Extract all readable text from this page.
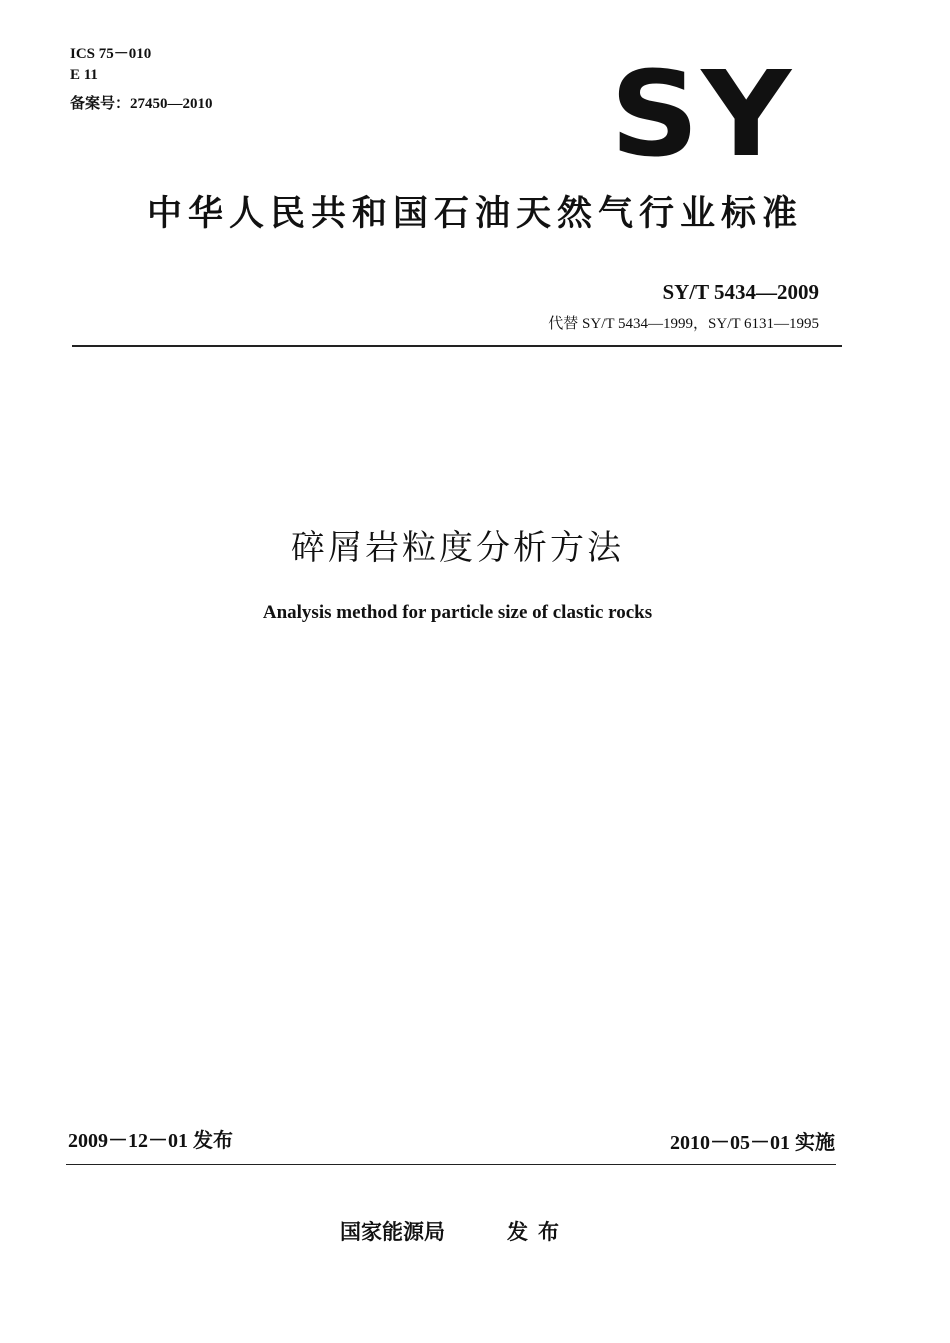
ICS 75－010
E 11
备案号：27450—2010	SY
中华人民共和国石油天然气行业标准
SY/T 5434—2009
代替 SY/T 5434—1999，SY/T 6131—1995
碎屑岩粒度分析方法
Analysis method for particle size of clastic rocks
2009－12－01 发布	2010－05－01 实施
国家能源局	发布
